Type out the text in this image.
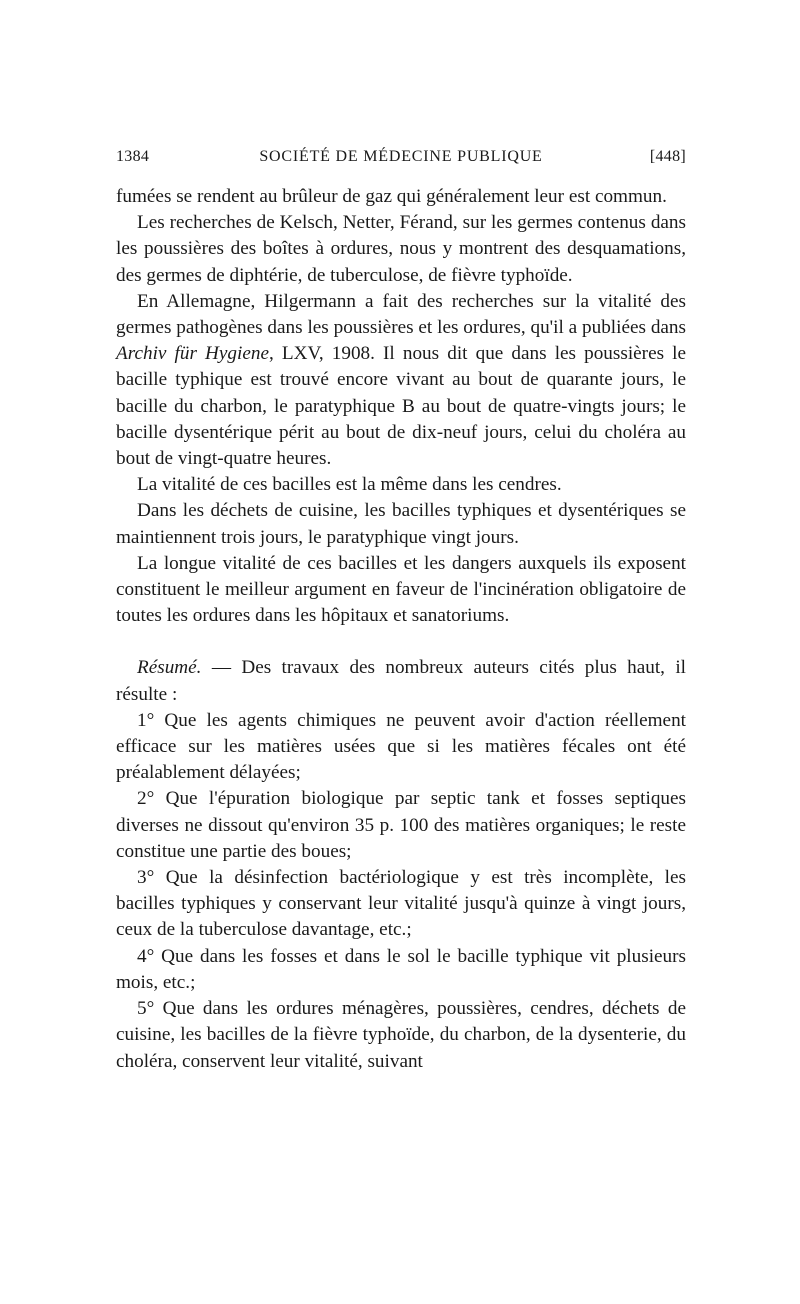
1384	SOCIÉTÉ DE MÉDECINE PUBLIQUE	[448]

fumées se rendent au brûleur de gaz qui généralement leur est commun.

Les recherches de Kelsch, Netter, Férand, sur les germes contenus dans les poussières des boîtes à ordures, nous y montrent des desquamations, des germes de diphtérie, de tuberculose, de fièvre typhoïde.

En Allemagne, Hilgermann a fait des recherches sur la vitalité des germes pathogènes dans les poussières et les ordures, qu'il a publiées dans Archiv für Hygiene, LXV, 1908. Il nous dit que dans les poussières le bacille typhique est trouvé encore vivant au bout de quarante jours, le bacille du charbon, le paratyphique B au bout de quatre-vingts jours; le bacille dysentérique périt au bout de dix-neuf jours, celui du choléra au bout de vingt-quatre heures.

La vitalité de ces bacilles est la même dans les cendres.

Dans les déchets de cuisine, les bacilles typhiques et dysentériques se maintiennent trois jours, le paratyphique vingt jours.

La longue vitalité de ces bacilles et les dangers auxquels ils exposent constituent le meilleur argument en faveur de l'incinération obligatoire de toutes les ordures dans les hôpitaux et sanatoriums.

Résumé. — Des travaux des nombreux auteurs cités plus haut, il résulte :

1° Que les agents chimiques ne peuvent avoir d'action réellement efficace sur les matières usées que si les matières fécales ont été préalablement délayées;

2° Que l'épuration biologique par septic tank et fosses septiques diverses ne dissout qu'environ 35 p. 100 des matières organiques; le reste constitue une partie des boues;

3° Que la désinfection bactériologique y est très incomplète, les bacilles typhiques y conservant leur vitalité jusqu'à quinze à vingt jours, ceux de la tuberculose davantage, etc.;

4° Que dans les fosses et dans le sol le bacille typhique vit plusieurs mois, etc.;

5° Que dans les ordures ménagères, poussières, cendres, déchets de cuisine, les bacilles de la fièvre typhoïde, du charbon, de la dysenterie, du choléra, conservent leur vitalité, suivant
